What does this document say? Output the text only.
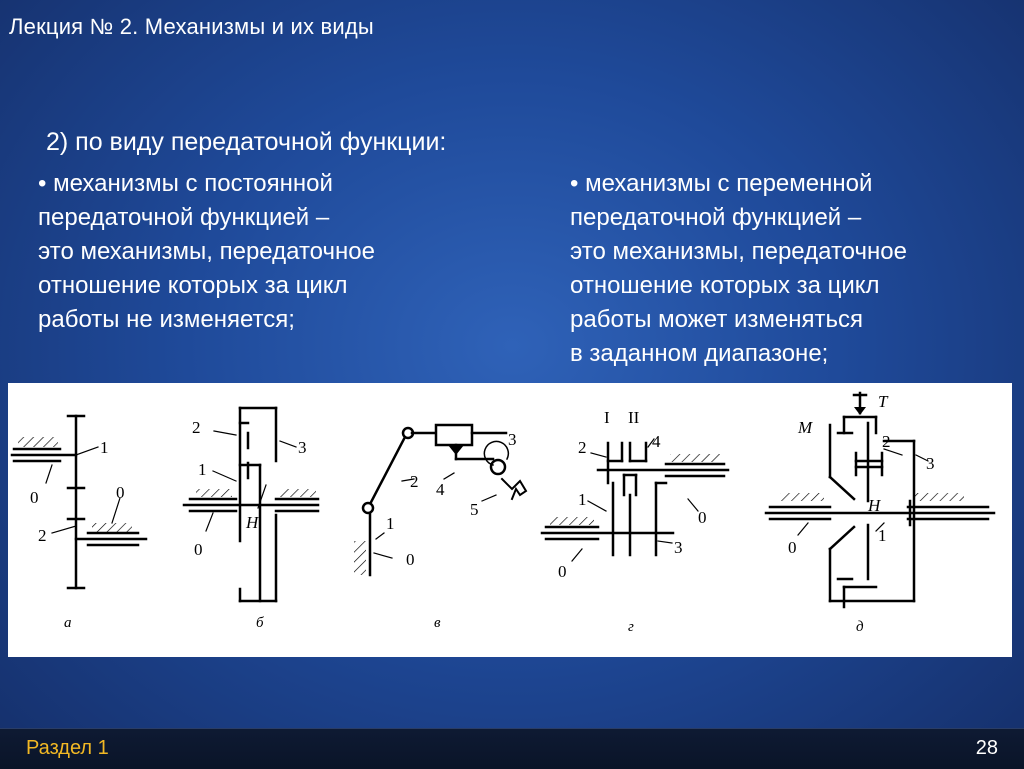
Лекция № 2. Механизмы и их виды
2) по виду передаточной функции:
• механизмы с постоянной
передаточной функцией –
это механизмы, передаточное
отношение которых за цикл
работы не изменяется;
• механизмы с переменной
передаточной функцией –
это механизмы, передаточное
отношение которых за цикл
работы может изменяться
в заданном диапазоне;
1
0	0
2
а
2
1
3
H
0
б
3
2 4
5
1
0
в
I II
2	4
1
0
3
0
г
T
M
2
3
H
1
0
д
Раздел 1	28
